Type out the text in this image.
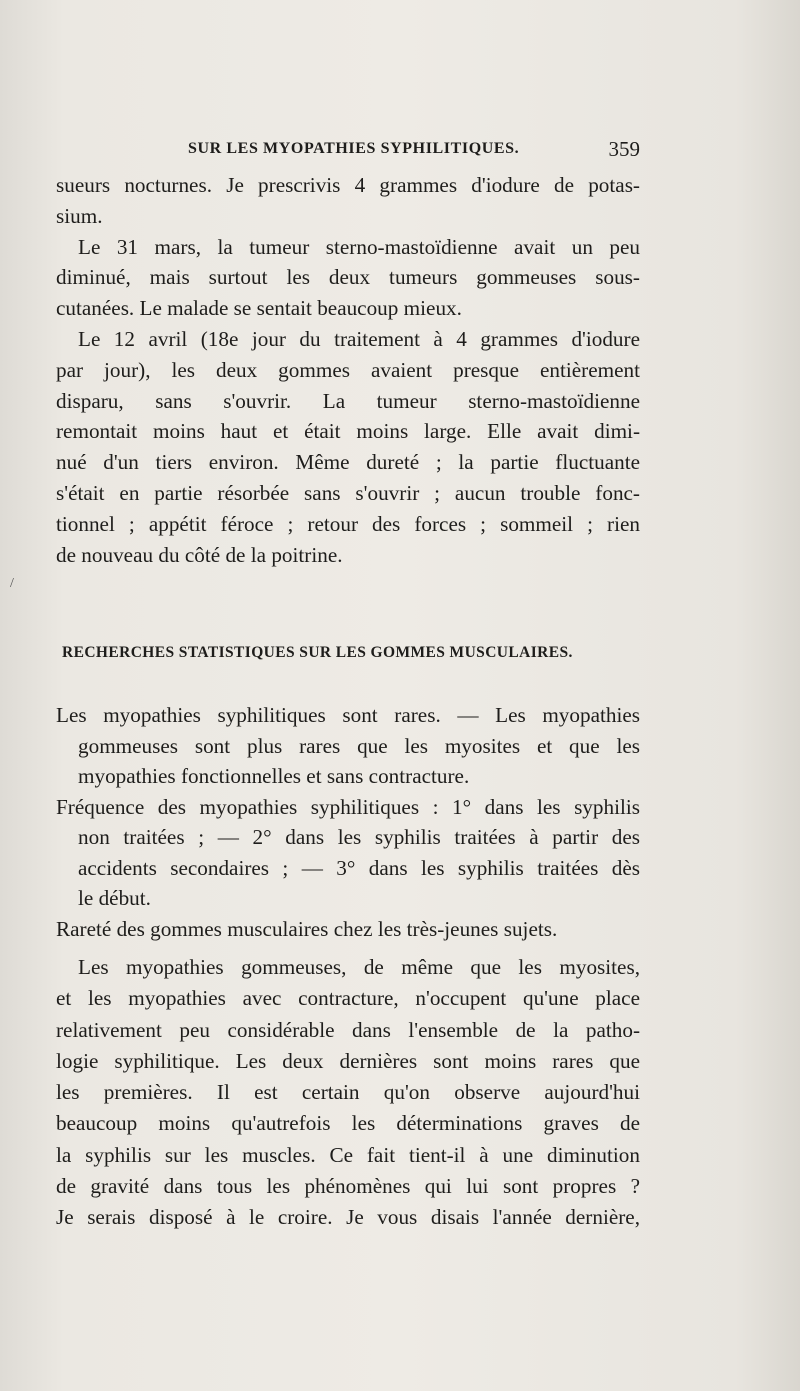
SUR LES MYOPATHIES SYPHILITIQUES.	359
sueurs nocturnes. Je prescrivis 4 grammes d'iodure de potas-
sium.
Le 31 mars, la tumeur sterno-mastoïdienne avait un peu
diminué, mais surtout les deux tumeurs gommeuses sous-
cutanées. Le malade se sentait beaucoup mieux.
Le 12 avril (18e jour du traitement à 4 grammes d'iodure
par jour), les deux gommes avaient presque entièrement
disparu, sans s'ouvrir. La tumeur sterno-mastoïdienne
remontait moins haut et était moins large. Elle avait dimi-
nué d'un tiers environ. Même dureté ; la partie fluctuante
s'était en partie résorbée sans s'ouvrir ; aucun trouble fonc-
tionnel ; appétit féroce ; retour des forces ; sommeil ; rien
de nouveau du côté de la poitrine.
/
RECHERCHES STATISTIQUES SUR LES GOMMES MUSCULAIRES.
Les myopathies syphilitiques sont rares. — Les myopathies
gommeuses sont plus rares que les myosites et que les
myopathies fonctionnelles et sans contracture.
Fréquence des myopathies syphilitiques : 1° dans les syphilis
non traitées ; — 2° dans les syphilis traitées à partir des
accidents secondaires ; — 3° dans les syphilis traitées dès
le début.
Rareté des gommes musculaires chez les très-jeunes sujets.
Les myopathies gommeuses, de même que les myosites,
et les myopathies avec contracture, n'occupent qu'une place
relativement peu considérable dans l'ensemble de la patho-
logie syphilitique. Les deux dernières sont moins rares que
les premières. Il est certain qu'on observe aujourd'hui
beaucoup moins qu'autrefois les déterminations graves de
la syphilis sur les muscles. Ce fait tient-il à une diminution
de gravité dans tous les phénomènes qui lui sont propres ?
Je serais disposé à le croire. Je vous disais l'année dernière,
